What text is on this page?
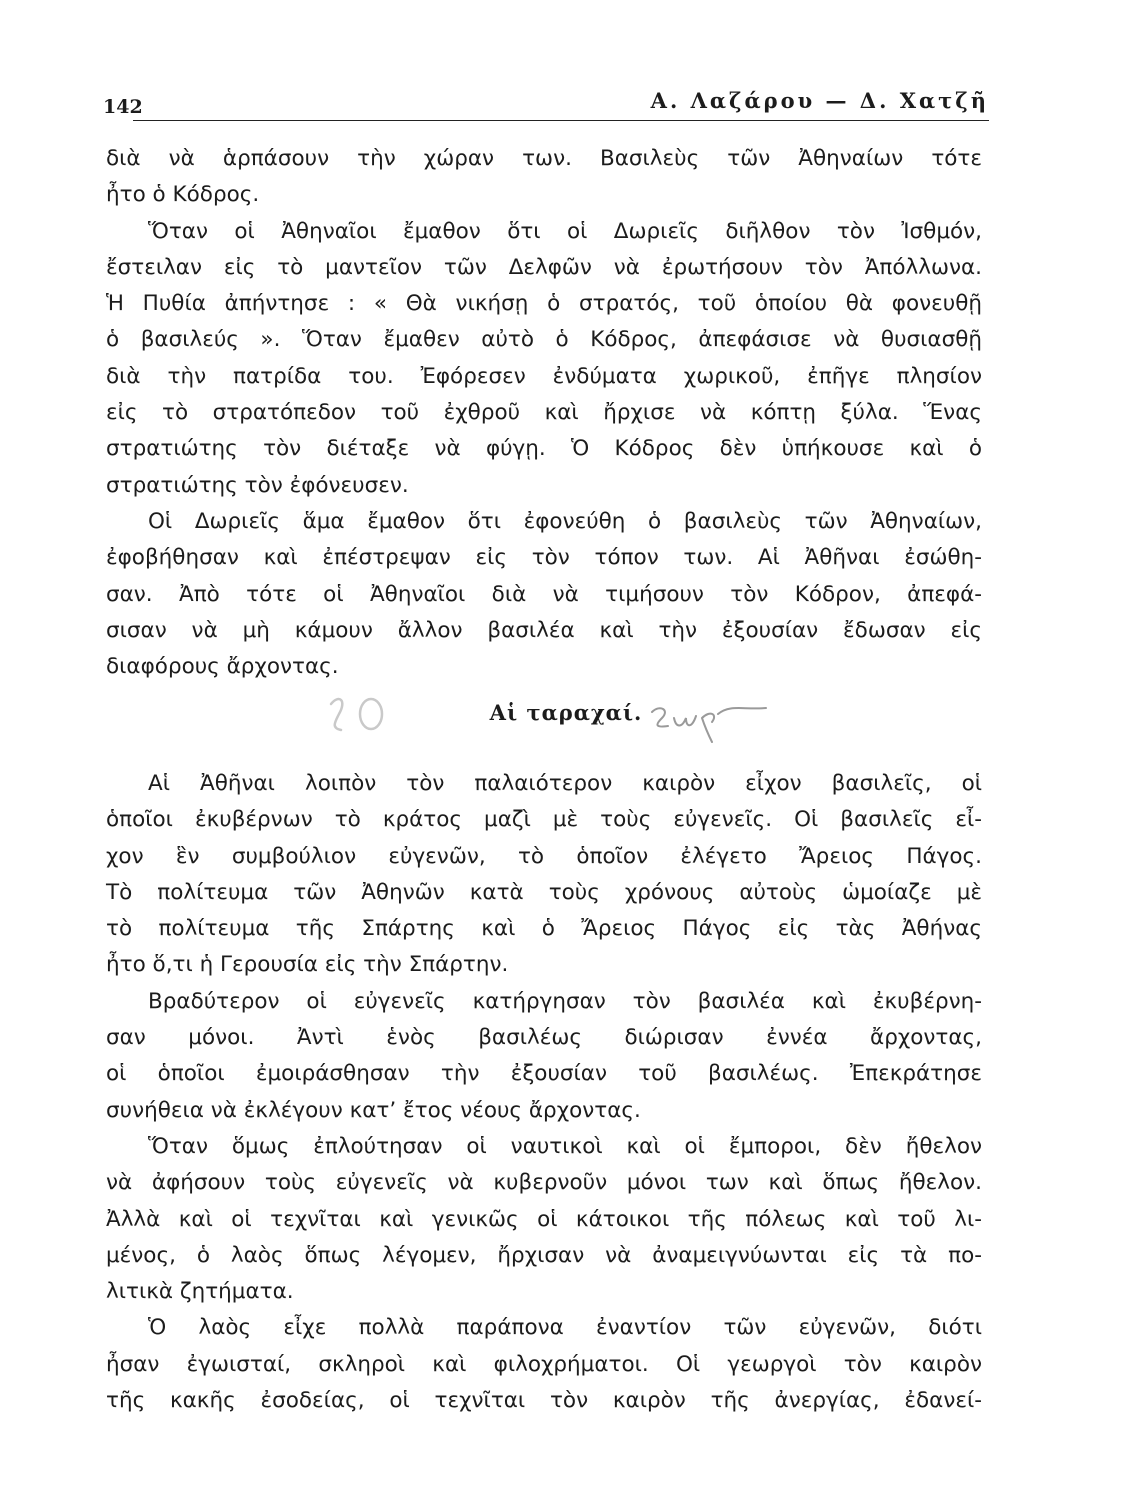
142	Α. Λαζάρου — Δ. Χατζῆ
διὰ νὰ ἁρπάσουν τὴν χώραν των. Βασιλεὺς τῶν Ἀθηναίων τότε
ἦτο ὁ Κόδρος.
Ὅταν οἱ Ἀθηναῖοι ἔμαθον ὅτι οἱ Δωριεῖς διῆλθον τὸν Ἰσθμόν,
ἔστειλαν εἰς τὸ μαντεῖον τῶν Δελφῶν νὰ ἐρωτήσουν τὸν Ἀπόλλωνα.
Ἡ Πυθία ἀπήντησε : « Θὰ νικήσῃ ὁ στρατός, τοῦ ὁποίου θὰ φονευθῇ
ὁ βασιλεύς ». Ὅταν ἔμαθεν αὐτὸ ὁ Κόδρος, ἀπεφάσισε νὰ θυσιασθῇ
διὰ τὴν πατρίδα του. Ἐφόρεσεν ἐνδύματα χωρικοῦ, ἐπῆγε πλησίον
εἰς τὸ στρατόπεδον τοῦ ἐχθροῦ καὶ ἤρχισε νὰ κόπτῃ ξύλα. Ἕνας
στρατιώτης τὸν διέταξε νὰ φύγῃ. Ὁ Κόδρος δὲν ὑπήκουσε καὶ ὁ
στρατιώτης τὸν ἐφόνευσεν.
Οἱ Δωριεῖς ἅμα ἔμαθον ὅτι ἐφονεύθη ὁ βασιλεὺς τῶν Ἀθηναίων,
ἐφοβήθησαν καὶ ἐπέστρεψαν εἰς τὸν τόπον των. Αἱ Ἀθῆναι ἐσώθη-
σαν. Ἀπὸ τότε οἱ Ἀθηναῖοι διὰ νὰ τιμήσουν τὸν Κόδρον, ἀπεφά-
σισαν νὰ μὴ κάμουν ἄλλον βασιλέα καὶ τὴν ἐξουσίαν ἔδωσαν εἰς
διαφόρους ἄρχοντας.
Αἱ ταραχαί.
Αἱ Ἀθῆναι λοιπὸν τὸν παλαιότερον καιρὸν εἶχον βασιλεῖς, οἱ
ὁποῖοι ἐκυβέρνων τὸ κράτος μαζὶ μὲ τοὺς εὐγενεῖς. Οἱ βασιλεῖς εἶ-
χον ἓν συμβούλιον εὐγενῶν, τὸ ὁποῖον ἐλέγετο Ἄρειος Πάγος.
Τὸ πολίτευμα τῶν Ἀθηνῶν κατὰ τοὺς χρόνους αὐτοὺς ὡμοίαζε μὲ
τὸ πολίτευμα τῆς Σπάρτης καὶ ὁ Ἄρειος Πάγος εἰς τὰς Ἀθήνας
ἦτο ὅ,τι ἡ Γερουσία εἰς τὴν Σπάρτην.
Βραδύτερον οἱ εὐγενεῖς κατήργησαν τὸν βασιλέα καὶ ἐκυβέρνη-
σαν μόνοι. Ἀντὶ ἑνὸς βασιλέως διώρισαν ἐννέα ἄρχοντας,
οἱ ὁποῖοι ἐμοιράσθησαν τὴν ἐξουσίαν τοῦ βασιλέως. Ἐπεκράτησε
συνήθεια νὰ ἐκλέγουν κατ’ ἔτος νέους ἄρχοντας.
Ὅταν ὅμως ἐπλούτησαν οἱ ναυτικοὶ καὶ οἱ ἔμποροι, δὲν ἤθελον
νὰ ἀφήσουν τοὺς εὐγενεῖς νὰ κυβερνοῦν μόνοι των καὶ ὅπως ἤθελον.
Ἀλλὰ καὶ οἱ τεχνῖται καὶ γενικῶς οἱ κάτοικοι τῆς πόλεως καὶ τοῦ λι-
μένος, ὁ λαὸς ὅπως λέγομεν, ἤρχισαν νὰ ἀναμειγνύωνται εἰς τὰ πο-
λιτικὰ ζητήματα.
Ὁ λαὸς εἶχε πολλὰ παράπονα ἐναντίον τῶν εὐγενῶν, διότι
ἦσαν ἐγωισταί, σκληροὶ καὶ φιλοχρήματοι. Οἱ γεωργοὶ τὸν καιρὸν
τῆς κακῆς ἐσοδείας, οἱ τεχνῖται τὸν καιρὸν τῆς ἀνεργίας, ἐδανεί-
